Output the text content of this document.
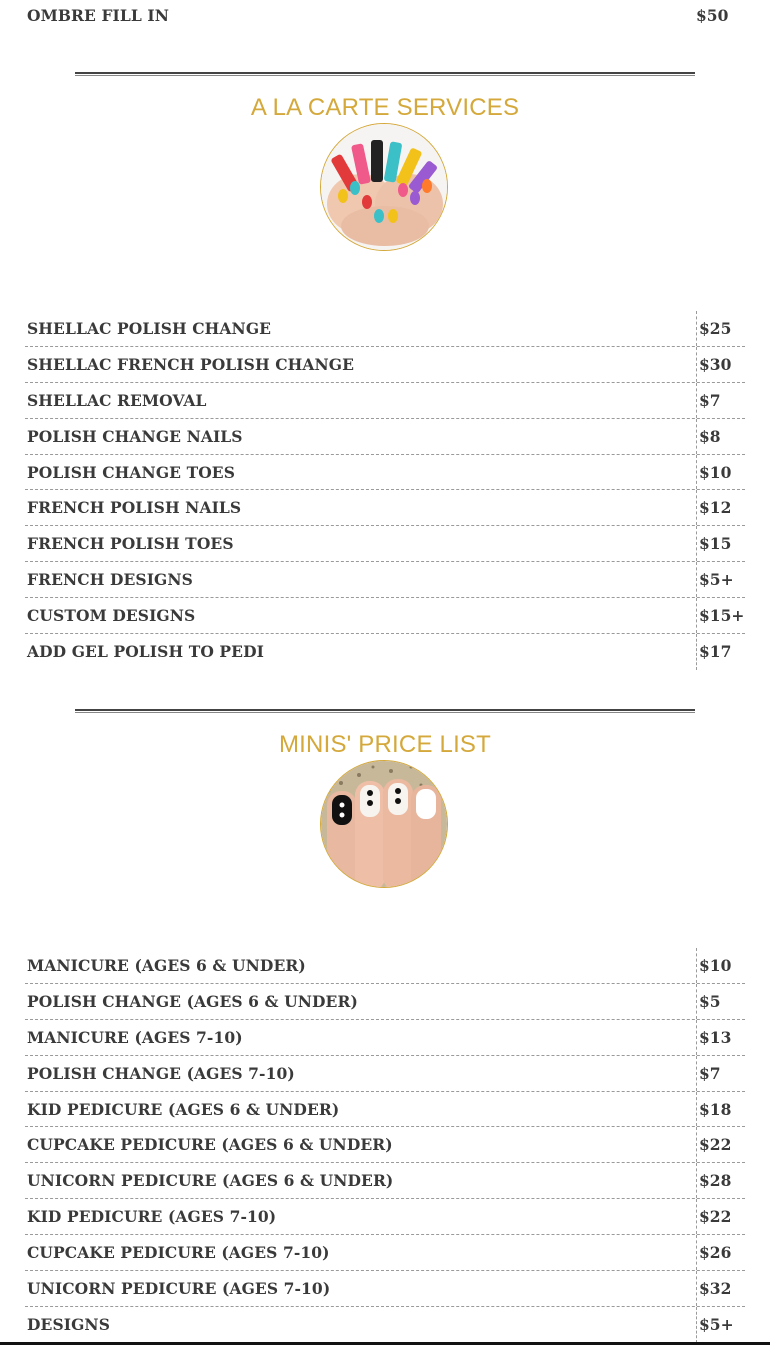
OMBRE FILL IN	$50
A LA CARTE SERVICES
SHELLAC POLISH CHANGE	$25
SHELLAC FRENCH POLISH CHANGE	$30
SHELLAC REMOVAL	$7
POLISH CHANGE NAILS	$8
POLISH CHANGE TOES	$10
FRENCH POLISH NAILS	$12
FRENCH POLISH TOES	$15
FRENCH DESIGNS	$5+
CUSTOM DESIGNS	$15+
ADD GEL POLISH TO PEDI	$17
MINIS' PRICE LIST
MANICURE (AGES 6 & UNDER)	$10
POLISH CHANGE (AGES 6 & UNDER)	$5
MANICURE (AGES 7-10)	$13
POLISH CHANGE (AGES 7-10)	$7
KID PEDICURE (AGES 6 & UNDER)	$18
CUPCAKE PEDICURE (AGES 6 & UNDER)	$22
UNICORN PEDICURE (AGES 6 & UNDER)	$28
KID PEDICURE (AGES 7-10)	$22
CUPCAKE PEDICURE (AGES 7-10)	$26
UNICORN PEDICURE (AGES 7-10)	$32
DESIGNS	$5+
